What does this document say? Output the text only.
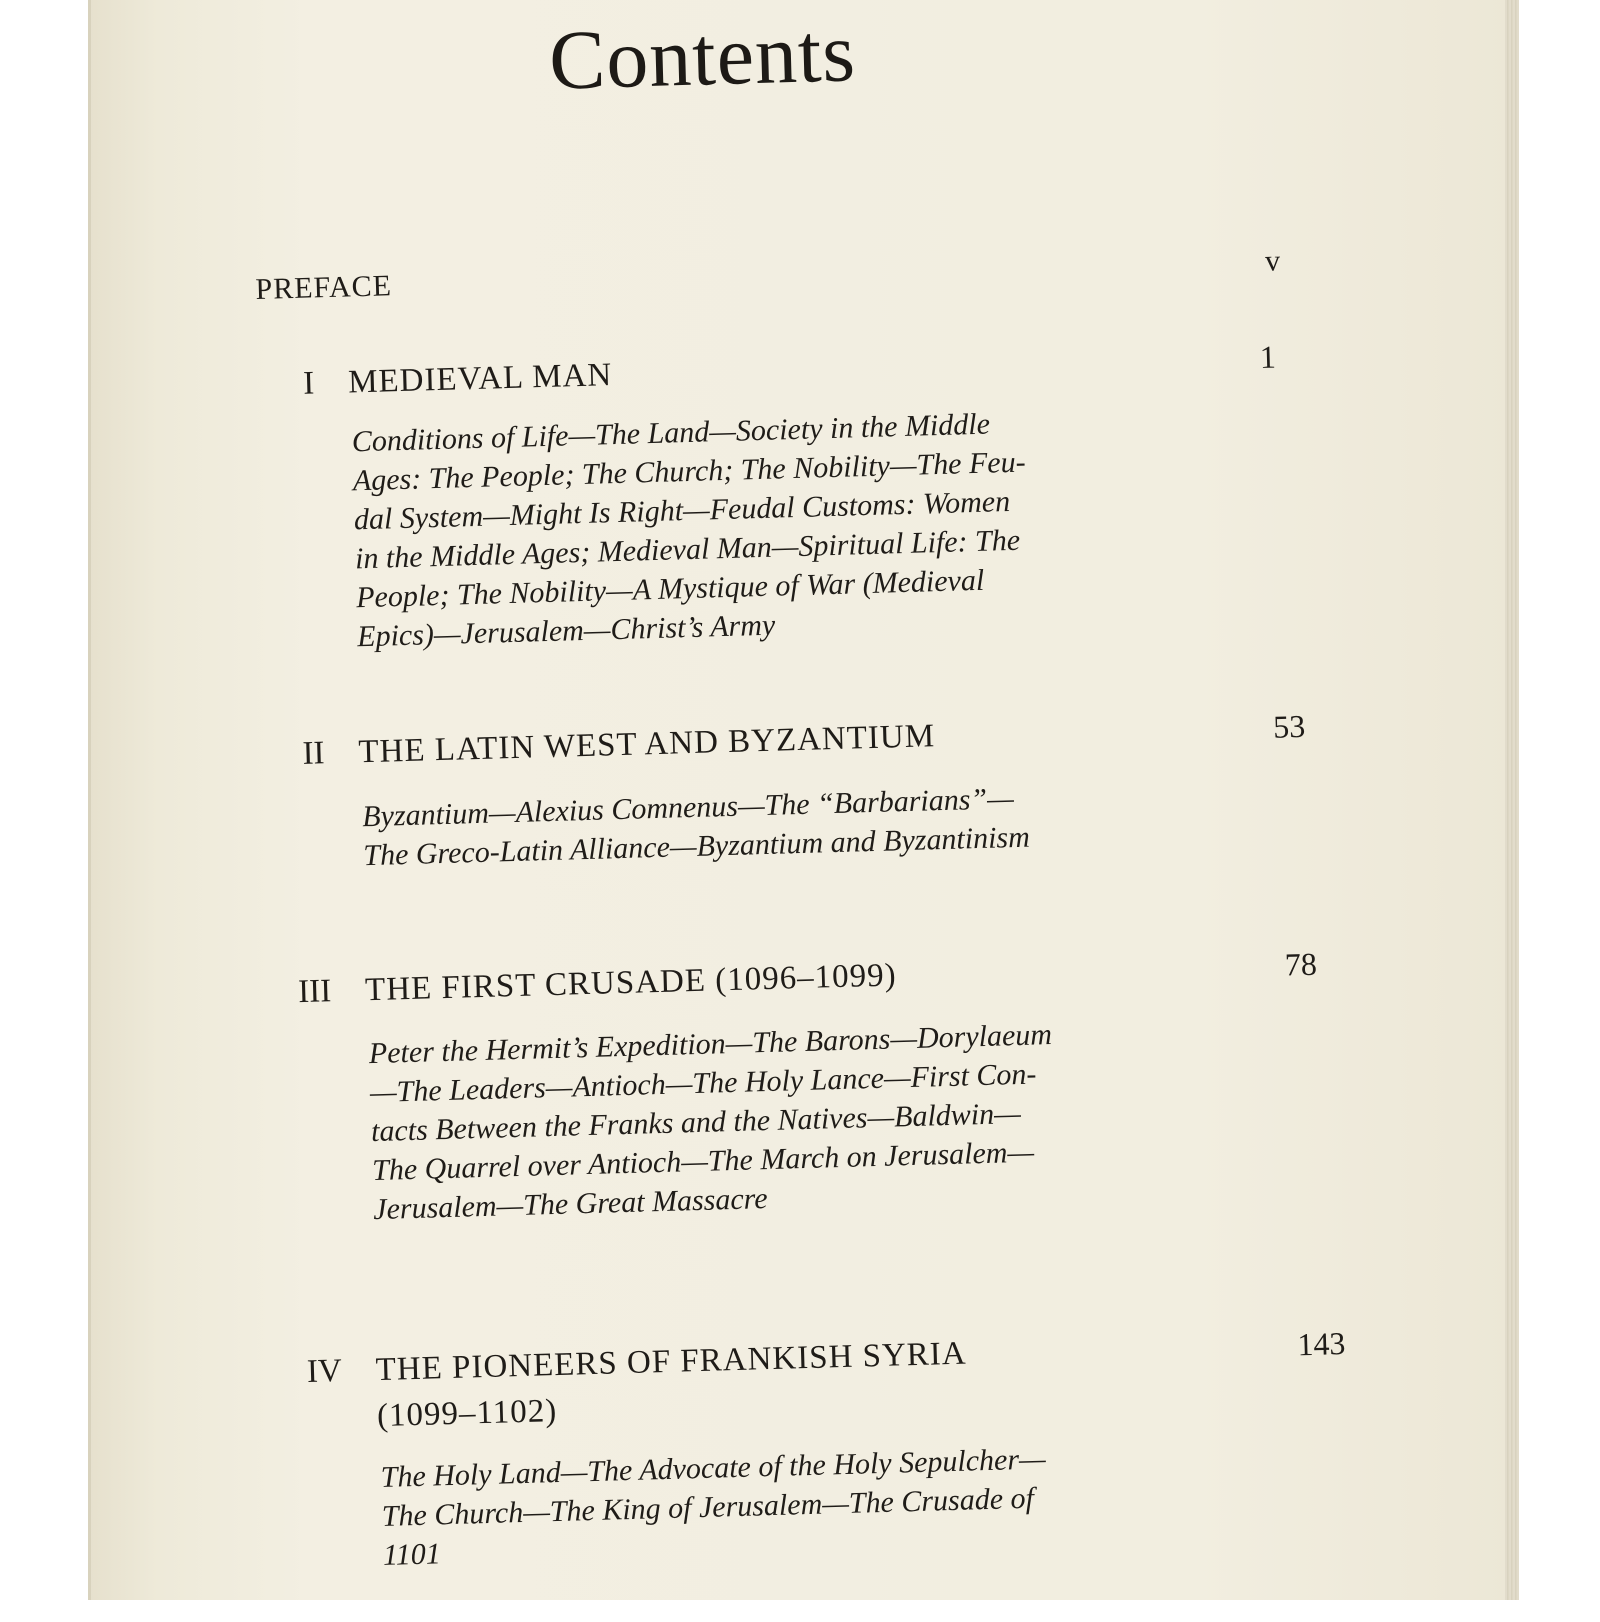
Contents
PREFACE
v
I MEDIEVAL MAN
1
Conditions of Life—The Land—Society in the Middle
Ages: The People; The Church; The Nobility—The Feu-
dal System—Might Is Right—Feudal Customs: Women
in the Middle Ages; Medieval Man—Spiritual Life: The
People; The Nobility—A Mystique of War (Medieval
Epics)—Jerusalem—Christ’s Army
II THE LATIN WEST AND BYZANTIUM	53
Byzantium—Alexius Comnenus—The “Barbarians”—
The Greco-Latin Alliance—Byzantium and Byzantinism
III THE FIRST CRUSADE (1096–1099)	78
Peter the Hermit’s Expedition—The Barons—Dorylaeum
—The Leaders—Antioch—The Holy Lance—First Con-
tacts Between the Franks and the Natives—Baldwin—
The Quarrel over Antioch—The March on Jerusalem—
Jerusalem—The Great Massacre
IV THE PIONEERS OF FRANKISH SYRIA
(1099–1102)
143
The Holy Land—The Advocate of the Holy Sepulcher—
The Church—The King of Jerusalem—The Crusade of
1101
